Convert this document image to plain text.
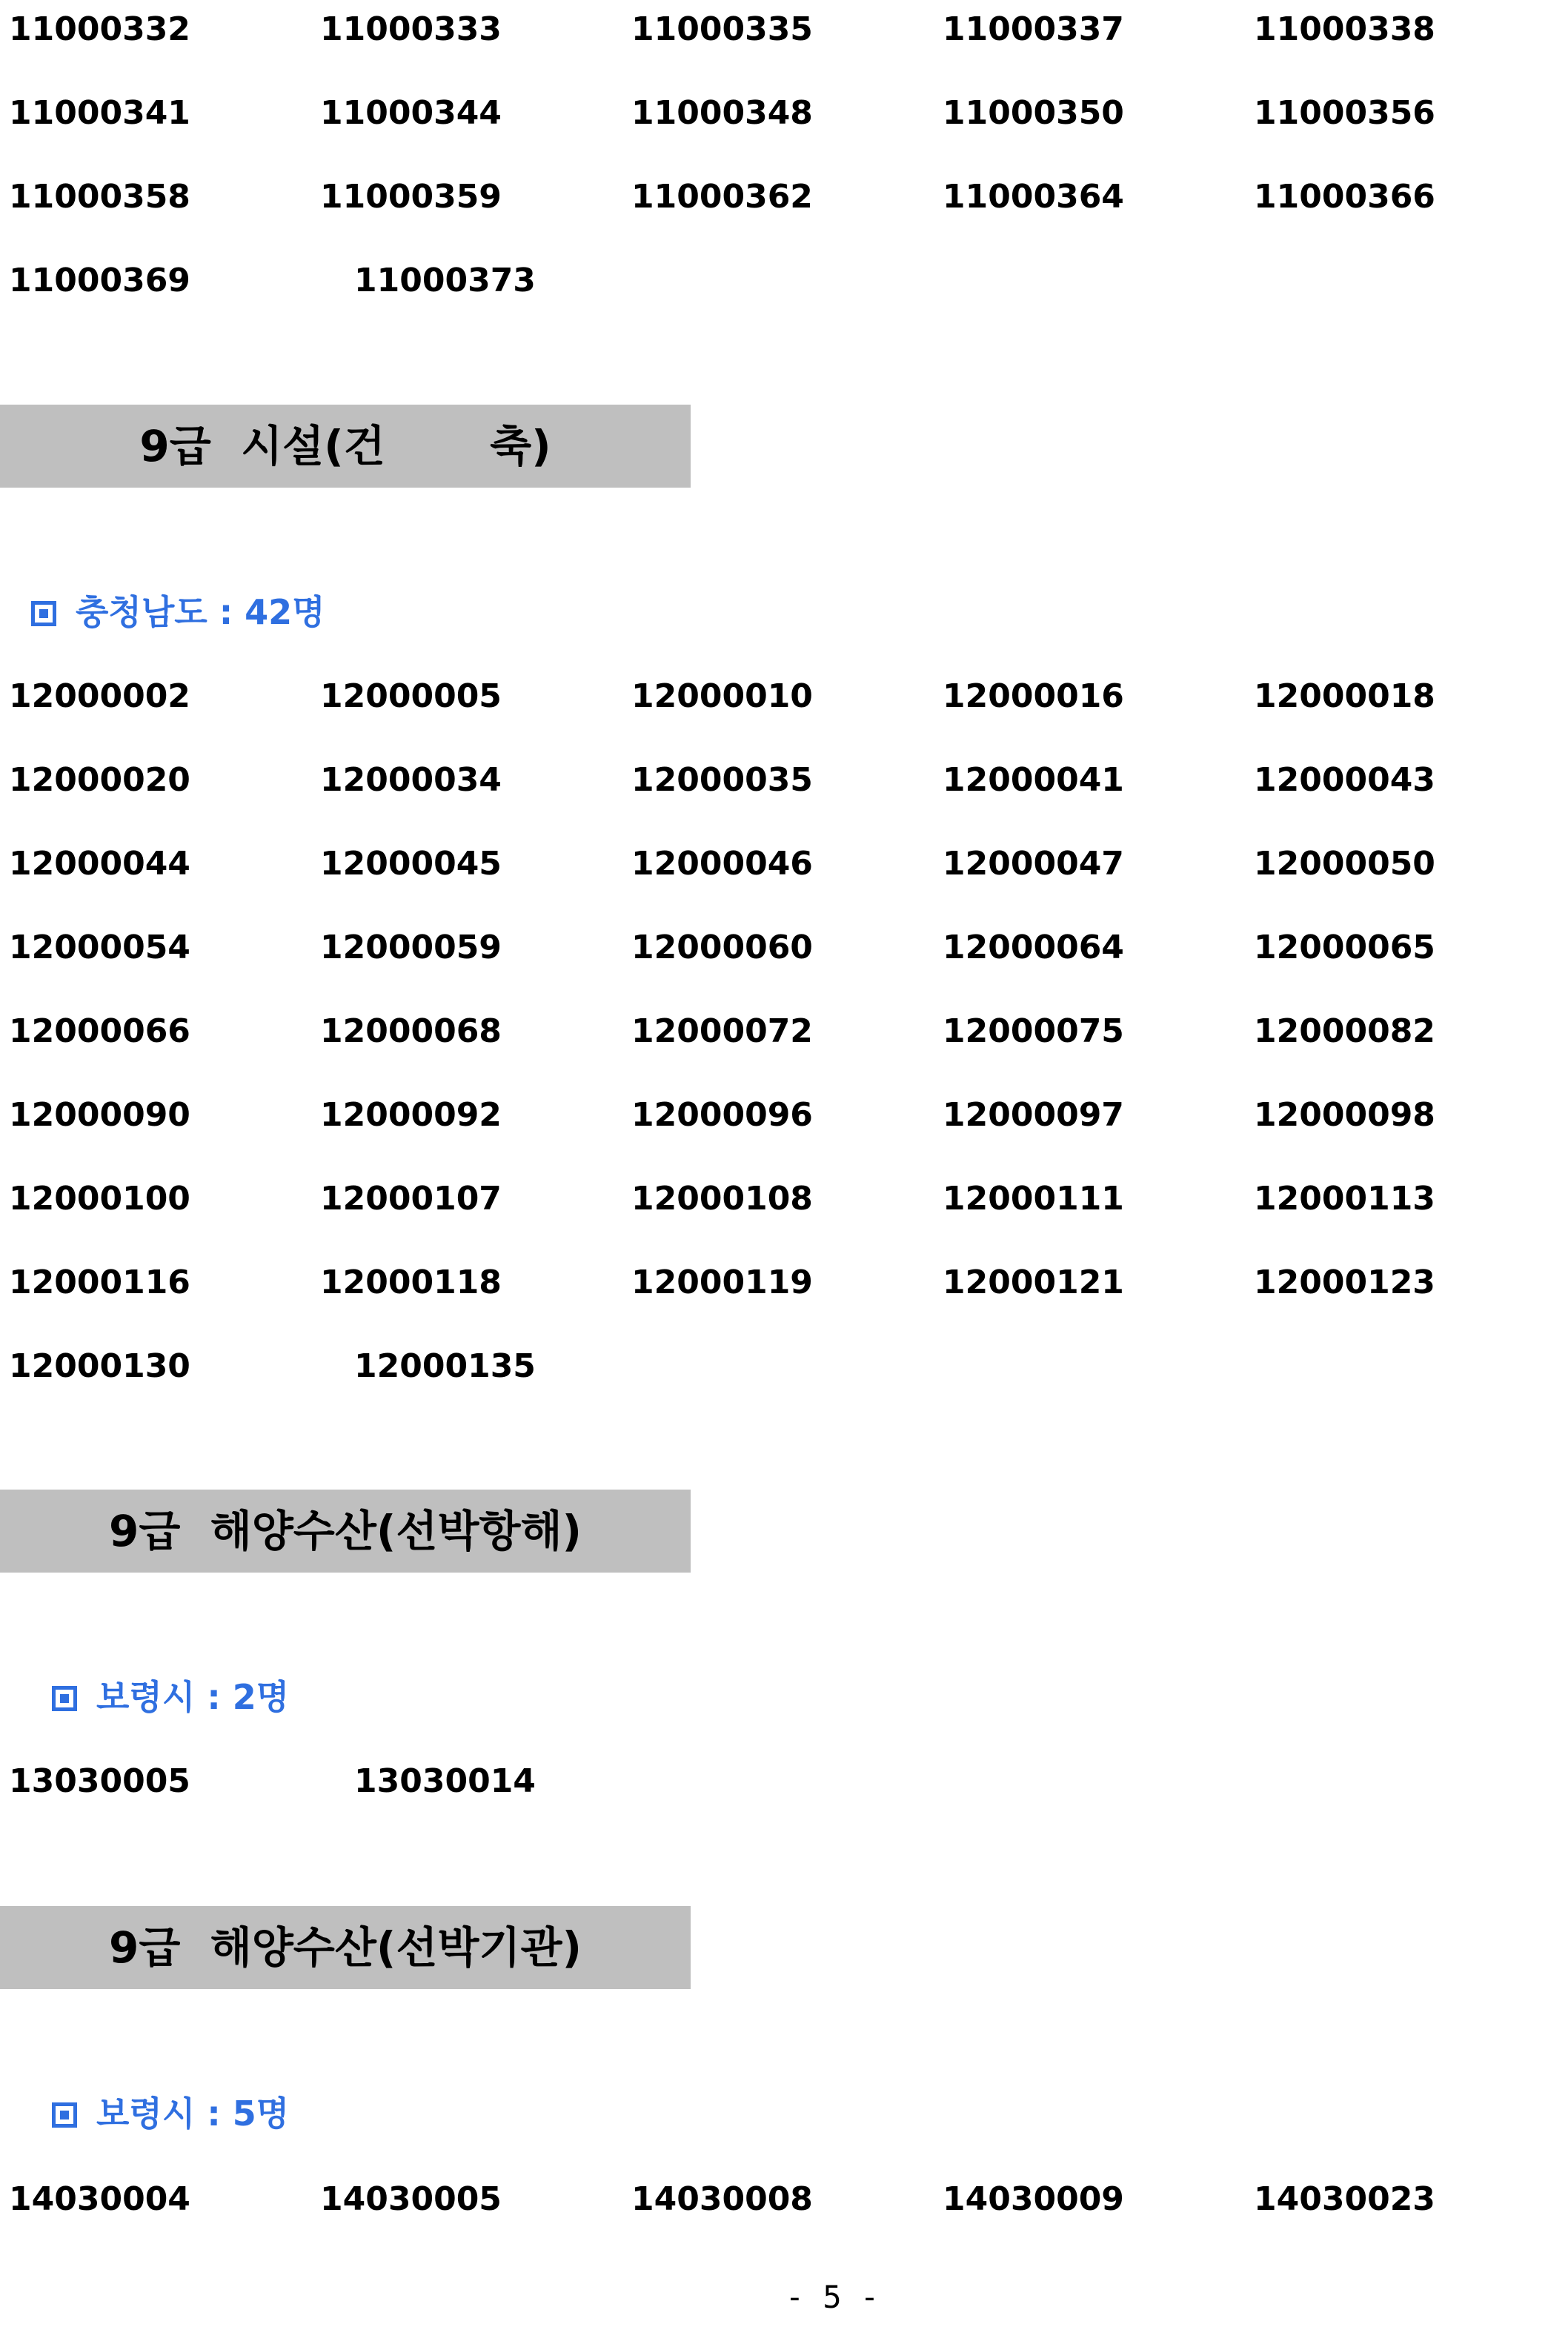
11000332	11000333	11000335	11000337	11000338
11000341	11000344	11000348	11000350	11000356
11000358	11000359	11000362	11000364	11000366
11000369	11000373
9급  시설(건       축)
충청남도 : 42명
12000002	12000005	12000010	12000016	12000018
12000020	12000034	12000035	12000041	12000043
12000044	12000045	12000046	12000047	12000050
12000054	12000059	12000060	12000064	12000065
12000066	12000068	12000072	12000075	12000082
12000090	12000092	12000096	12000097	12000098
12000100	12000107	12000108	12000111	12000113
12000116	12000118	12000119	12000121	12000123
12000130	12000135
9급  해양수산(선박항해)
보령시 : 2명
13030005	13030014
9급  해양수산(선박기관)
보령시 : 5명
14030004	14030005	14030008	14030009	14030023
- 5 -
